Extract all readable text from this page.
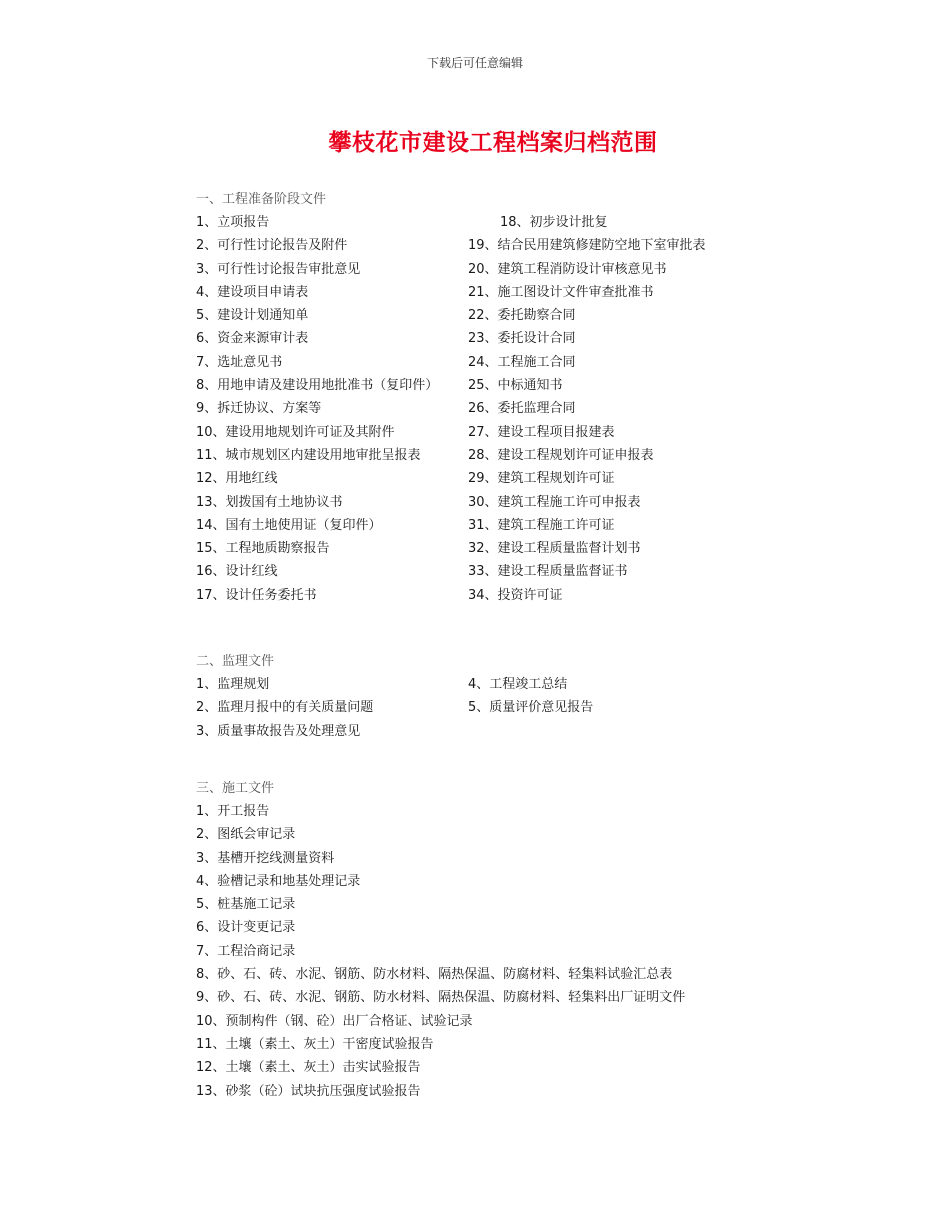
下载后可任意编辑
攀枝花市建设工程档案归档范围
一、工程准备阶段文件
1、立项报告
2、可行性讨论报告及附件
3、可行性讨论报告审批意见
4、建设项目申请表
5、建设计划通知单
6、资金来源审计表
7、选址意见书
8、用地申请及建设用地批准书（复印件）
9、拆迁协议、方案等
10、建设用地规划许可证及其附件
11、城市规划区内建设用地审批呈报表
12、用地红线
13、划拨国有土地协议书
14、国有土地使用证（复印件）
15、工程地质勘察报告
16、设计红线
17、设计任务委托书
18、初步设计批复
19、结合民用建筑修建防空地下室审批表
20、建筑工程消防设计审核意见书
21、施工图设计文件审查批准书
22、委托勘察合同
23、委托设计合同
24、工程施工合同
25、中标通知书
26、委托监理合同
27、建设工程项目报建表
28、建设工程规划许可证申报表
29、建筑工程规划许可证
30、建筑工程施工许可申报表
31、建筑工程施工许可证
32、建设工程质量监督计划书
33、建设工程质量监督证书
34、投资许可证
二、监理文件
1、监理规划
2、监理月报中的有关质量问题
3、质量事故报告及处理意见
4、工程竣工总结
5、质量评价意见报告
三、施工文件
1、开工报告
2、图纸会审记录
3、基槽开挖线测量资料
4、验槽记录和地基处理记录
5、桩基施工记录
6、设计变更记录
7、工程洽商记录
8、砂、石、砖、水泥、钢筋、防水材料、隔热保温、防腐材料、轻集料试验汇总表
9、砂、石、砖、水泥、钢筋、防水材料、隔热保温、防腐材料、轻集料出厂证明文件
10、预制构件（钢、砼）出厂合格证、试验记录
11、土壤（素土、灰土）干密度试验报告
12、土壤（素土、灰土）击实试验报告
13、砂浆（砼）试块抗压强度试验报告
